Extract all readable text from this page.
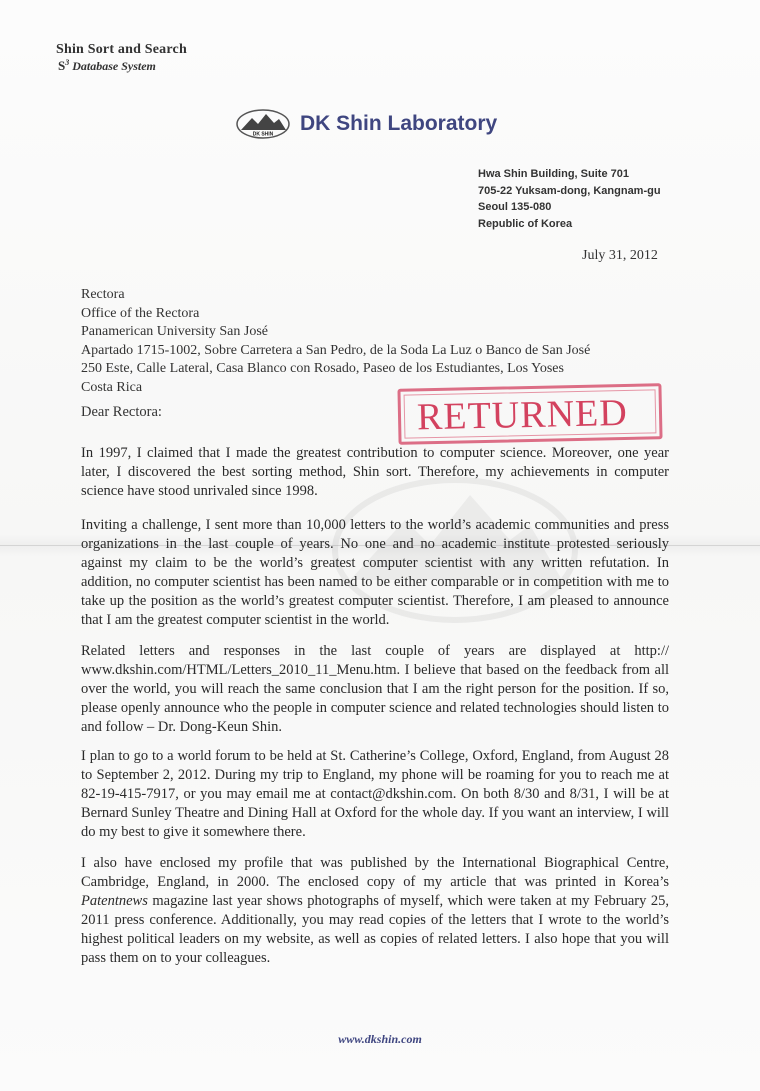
Shin Sort and Search
$S^3$ Database System
DK SHIN DK Shin Laboratory
Hwa Shin Building, Suite 701
705-22 Yuksam-dong, Kangnam-gu
Seoul 135-080
Republic of Korea
July 31, 2012
Rectora
Office of the Rectora
Panamerican University San José
Apartado 1715-1002, Sobre Carretera a San Pedro, de la Soda La Luz o Banco de San José
250 Este, Calle Lateral, Casa Blanco con Rosado, Paseo de los Estudiantes, Los Yoses
Costa Rica
RETURNED
Dear Rectora:

In 1997, I claimed that I made the greatest contribution to computer science. Moreover, one year later, I discovered the best sorting method, Shin sort. Therefore, my achievements in computer science have stood unrivaled since 1998.

Inviting a challenge, I sent more than 10,000 letters to the world’s academic communities and press organizations in the last couple of years. No one and no academic institute protested seriously against my claim to be the world’s greatest computer scientist with any written refutation. In addition, no computer scientist has been named to be either comparable or in competition with me to take up the position as the world’s greatest computer scientist. Therefore, I am pleased to announce that I am the greatest computer scientist in the world.

Related letters and responses in the last couple of years are displayed at http:// www.dkshin.com/HTML/Letters_2010_11_Menu.htm. I believe that based on the feedback from all over the world, you will reach the same conclusion that I am the right person for the position. If so, please openly announce who the people in computer science and related technologies should listen to and follow – Dr. Dong-Keun Shin.

I plan to go to a world forum to be held at St. Catherine’s College, Oxford, England, from August 28 to September 2, 2012. During my trip to England, my phone will be roaming for you to reach me at 82-19-415-7917, or you may email me at contact@dkshin.com. On both 8/30 and 8/31, I will be at Bernard Sunley Theatre and Dining Hall at Oxford for the whole day. If you want an interview, I will do my best to give it somewhere there.

I also have enclosed my profile that was published by the International Biographical Centre, Cambridge, England, in 2000. The enclosed copy of my article that was printed in Korea’s Patentnews magazine last year shows photographs of myself, which were taken at my February 25, 2011 press conference. Additionally, you may read copies of the letters that I wrote to the world’s highest political leaders on my website, as well as copies of related letters. I also hope that you will pass them on to your colleagues.

www.dkshin.com
